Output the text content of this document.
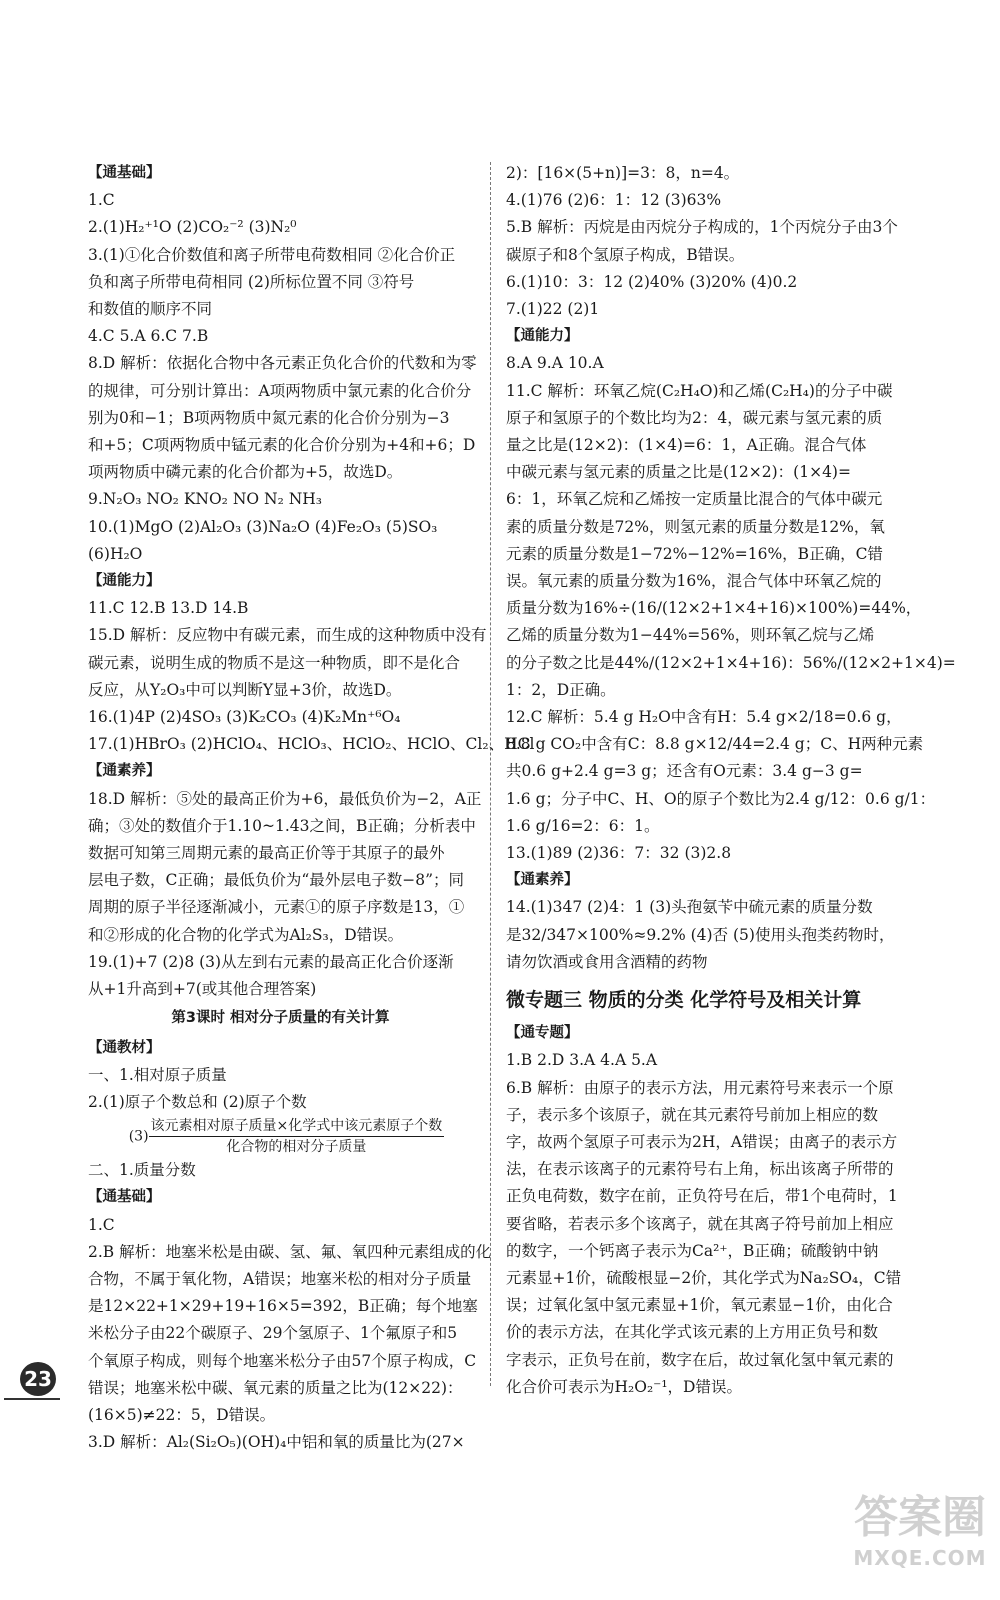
【通基础】
1.C
2.(1)H₂⁺¹O (2)CO₂⁻² (3)N₂⁰
3.(1)①化合价数值和离子所带电荷数相同 ②化合价正
负和离子所带电荷相同 (2)所标位置不同 ③符号
和数值的顺序不同
4.C 5.A 6.C 7.B
8.D 解析：依据化合物中各元素正负化合价的代数和为零
的规律，可分别计算出：A项两物质中氯元素的化合价分
别为0和−1；B项两物质中氮元素的化合价分别为−3
和+5；C项两物质中锰元素的化合价分别为+4和+6；D
项两物质中磷元素的化合价都为+5，故选D。
9.N₂O₃ NO₂ KNO₂ NO N₂ NH₃
10.(1)MgO (2)Al₂O₃ (3)Na₂O (4)Fe₂O₃ (5)SO₃
(6)H₂O
【通能力】
11.C 12.B 13.D 14.B
15.D 解析：反应物中有碳元素，而生成的这种物质中没有
碳元素，说明生成的物质不是这一种物质，即不是化合
反应，从Y₂O₃中可以判断Y显+3价，故选D。
16.(1)4P (2)4SO₃ (3)K₂CO₃ (4)K₂Mn⁺⁶O₄
17.(1)HBrO₃ (2)HClO₄、HClO₃、HClO₂、HClO、Cl₂、HCl
【通素养】
18.D 解析：⑤处的最高正价为+6，最低负价为−2，A正
确；③处的数值介于1.10~1.43之间，B正确；分析表中
数据可知第三周期元素的最高正价等于其原子的最外
层电子数，C正确；最低负价为“最外层电子数−8”；同
周期的原子半径逐渐减小，元素①的原子序数是13，①
和②形成的化合物的化学式为Al₂S₃，D错误。
19.(1)+7 (2)8 (3)从左到右元素的最高正化合价逐渐
从+1升高到+7(或其他合理答案)
第3课时 相对分子质量的有关计算
【通教材】
一、1.相对原子质量
2.(1)原子个数总和 (2)原子个数
$(3)\frac{\text{该元素相对原子质量×化学式中该元素原子个数}}{\text{化合物的相对分子质量}}$
二、1.质量分数
【通基础】
1.C
2.B 解析：地塞米松是由碳、氢、氟、氧四种元素组成的化
合物，不属于氧化物，A错误；地塞米松的相对分子质量
是12×22+1×29+19+16×5=392，B正确；每个地塞
米松分子由22个碳原子、29个氢原子、1个氟原子和5
个氧原子构成，则每个地塞米松分子由57个原子构成，C
错误；地塞米松中碳、氧元素的质量之比为(12×22)：
(16×5)≠22：5，D错误。
3.D 解析：Al₂(Si₂O₅)(OH)₄中铝和氧的质量比为(27×
2)：[16×(5+n)]=3：8，n=4。
4.(1)76 (2)6：1：12 (3)63%
5.B 解析：丙烷是由丙烷分子构成的，1个丙烷分子由3个
碳原子和8个氢原子构成，B错误。
6.(1)10：3：12 (2)40% (3)20% (4)0.2
7.(1)22 (2)1
【通能力】
8.A 9.A 10.A
11.C 解析：环氧乙烷(C₂H₄O)和乙烯(C₂H₄)的分子中碳
原子和氢原子的个数比均为2：4，碳元素与氢元素的质
量之比是(12×2)：(1×4)=6：1，A正确。混合气体
中碳元素与氢元素的质量之比是(12×2)：(1×4)=
6：1，环氧乙烷和乙烯按一定质量比混合的气体中碳元
素的质量分数是72%，则氢元素的质量分数是12%，氧
元素的质量分数是1−72%−12%=16%，B正确，C错
误。氧元素的质量分数为16%，混合气体中环氧乙烷的
质量分数为16%÷(16/(12×2+1×4+16)×100%)=44%，
乙烯的质量分数为1−44%=56%，则环氧乙烷与乙烯
的分子数之比是44%/(12×2+1×4+16)：56%/(12×2+1×4)=
1：2，D正确。
12.C 解析：5.4 g H₂O中含有H：5.4 g×2/18=0.6 g，
8.8 g CO₂中含有C：8.8 g×12/44=2.4 g；C、H两种元素
共0.6 g+2.4 g=3 g；还含有O元素：3.4 g−3 g=
1.6 g；分子中C、H、O的原子个数比为2.4 g/12：0.6 g/1：
1.6 g/16=2：6：1。
13.(1)89 (2)36：7：32 (3)2.8
【通素养】
14.(1)347 (2)4：1 (3)头孢氨苄中硫元素的质量分数
是32/347×100%≈9.2% (4)否 (5)使用头孢类药物时，
请勿饮酒或食用含酒精的药物
微专题三 物质的分类 化学符号及相关计算
【通专题】
1.B 2.D 3.A 4.A 5.A
6.B 解析：由原子的表示方法，用元素符号来表示一个原
子，表示多个该原子，就在其元素符号前加上相应的数
字，故两个氢原子可表示为2H，A错误；由离子的表示方
法，在表示该离子的元素符号右上角，标出该离子所带的
正负电荷数，数字在前，正负符号在后，带1个电荷时，1
要省略，若表示多个该离子，就在其离子符号前加上相应
的数字，一个钙离子表示为Ca²⁺，B正确；硫酸钠中钠
元素显+1价，硫酸根显−2价，其化学式为Na₂SO₄，C错
误；过氧化氢中氢元素显+1价，氧元素显−1价，由化合
价的表示方法，在其化学式该元素的上方用正负号和数
字表示，正负号在前，数字在后，故过氧化氢中氧元素的
化合价可表示为H₂O₂⁻¹，D错误。
23
答案圈
MXQE.COM
